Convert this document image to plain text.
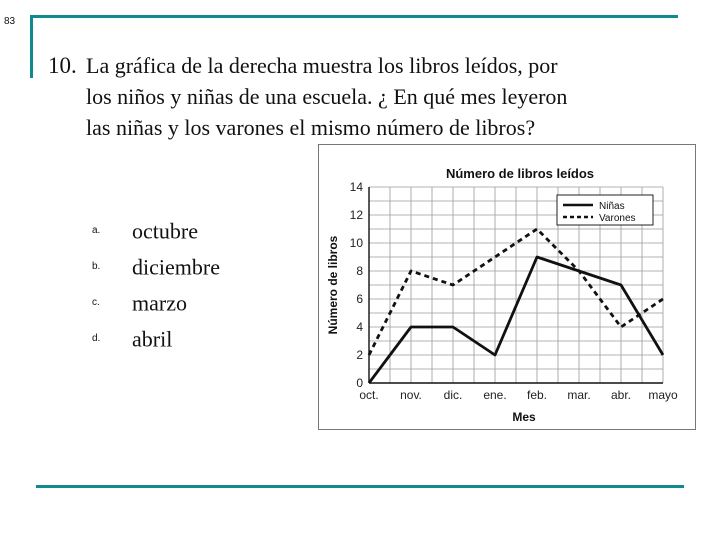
83
10. La gráfica de la derecha muestra los libros leídos, por
los niños y niñas de una escuela. ¿ En qué mes leyeron
las niñas y los varones el mismo número de libros?
a. octubre
b. diciembre
c. marzo
d. abril
0
2
4
6
8
10
12
14
oct. nov. dic. ene. feb. mar. abr. mayo
Número de libros leídos
Mes
Número de libros
Niñas
Varones
